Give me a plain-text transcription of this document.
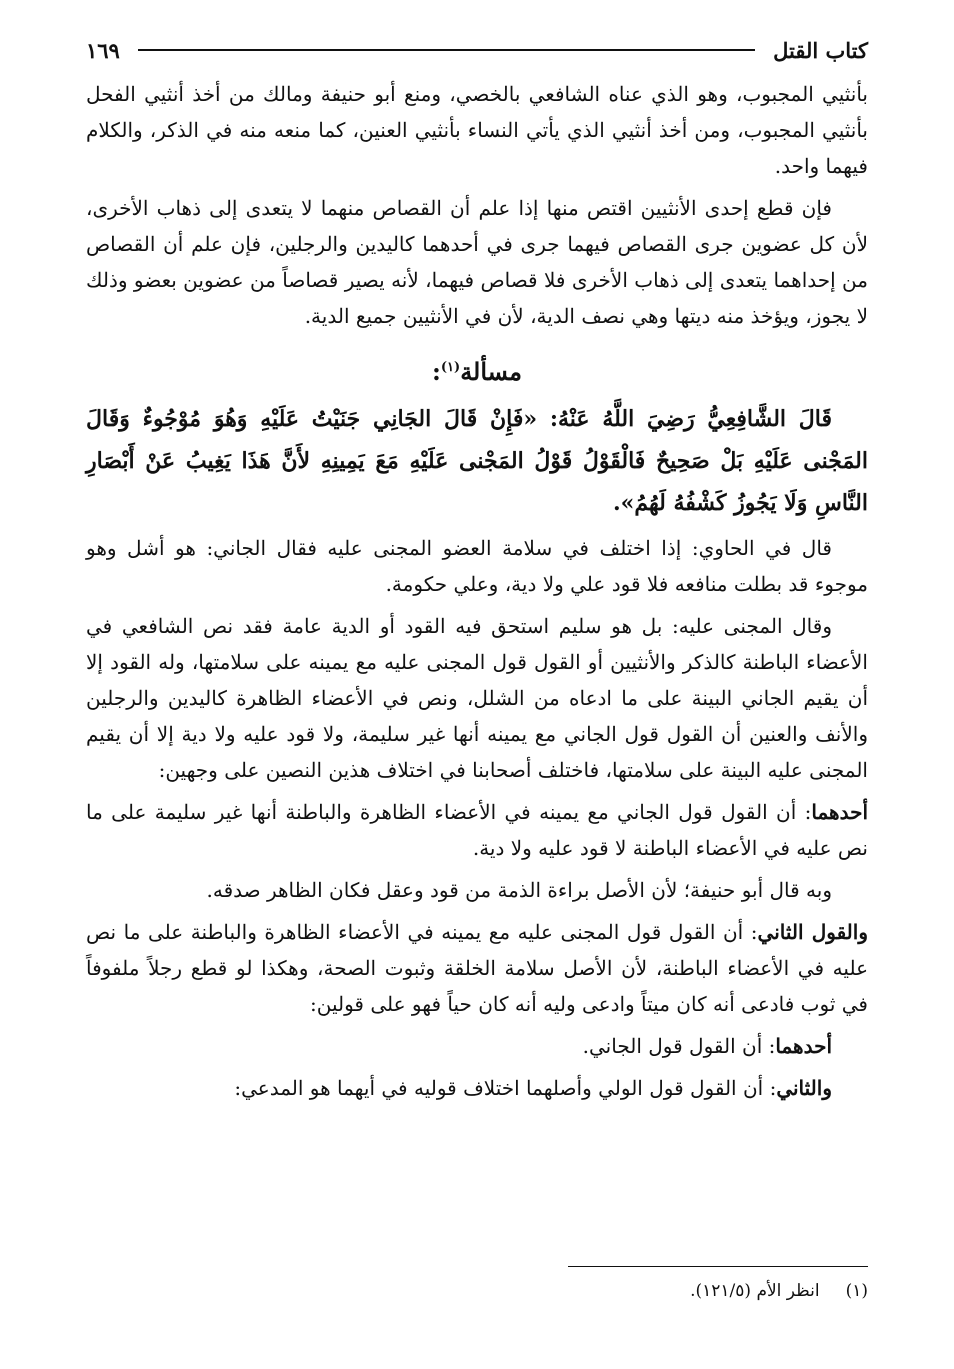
كتاب القتل
١٦٩

بأنثيي المجبوب، وهو الذي عناه الشافعي بالخصي، ومنع أبو حنيفة ومالك من أخذ أنثيي الفحل بأنثيي المجبوب، ومن أخذ أنثيي الذي يأتي النساء بأنثيي العنين، كما منعه منه في الذكر، والكلام فيهما واحد.

فإن قطع إحدى الأنثيين اقتص منها إذا علم أن القصاص منهما لا يتعدى إلى ذهاب الأخرى، لأن كل عضوين جرى القصاص فيهما جرى في أحدهما كاليدين والرجلين، فإن علم أن القصاص من إحداهما يتعدى إلى ذهاب الأخرى فلا قصاص فيهما، لأنه يصير قصاصاً من عضوين بعضو وذلك لا يجوز، ويؤخذ منه ديتها وهي نصف الدية، لأن في الأنثيين جميع الدية.

مسألة$^{(١)}$:
قَالَ الشَّافِعِيُّ رَضِيَ اللَّهُ عَنْهُ: «فَإِنْ قَالَ الجَانِي جَنَيْتُ عَلَيْهِ وَهُوَ مُوْجُوءٌ وَقَالَ المَجْنى عَلَيْهِ بَلْ صَحِيحٌ فَالْقَوْلُ قَوْلُ المَجْنى عَلَيْهِ مَعَ يَمِينِهِ لأَنَّ هَذَا يَغِيبُ عَنْ أَبْصَارِ النَّاسِ وَلَا يَجُوزُ كَشْفُهُ لَهُمُ».

قال في الحاوي: إذا اختلف في سلامة العضو المجنى عليه فقال الجاني: هو أشل وهو موجوء قد بطلت منافعه فلا قود علي ولا دية، وعلي حكومة.

وقال المجنى عليه: بل هو سليم استحق فيه القود أو الدية عامة فقد نص الشافعي في الأعضاء الباطنة كالذكر والأنثيين أو القول قول المجنى عليه مع يمينه على سلامتها، وله القود إلا أن يقيم الجاني البينة على ما ادعاه من الشلل، ونص في الأعضاء الظاهرة كاليدين والرجلين والأنف والعنين أن القول قول الجاني مع يمينه أنها غير سليمة، ولا قود عليه ولا دية إلا أن يقيم المجنى عليه البينة على سلامتها، فاختلف أصحابنا في اختلاف هذين النصين على وجهين:

أحدهما: أن القول قول الجاني مع يمينه في الأعضاء الظاهرة والباطنة أنها غير سليمة على ما نص عليه في الأعضاء الباطنة لا قود عليه ولا دية.

وبه قال أبو حنيفة؛ لأن الأصل براءة الذمة من قود وعقل فكان الظاهر صدقه.

والقول الثاني: أن القول قول المجنى عليه مع يمينه في الأعضاء الظاهرة والباطنة على ما نص عليه في الأعضاء الباطنة، لأن الأصل سلامة الخلقة وثبوت الصحة، وهكذا لو قطع رجلاً ملفوفاً في ثوب فادعى أنه كان ميتاً وادعى وليه أنه كان حياً فهو على قولين:

أحدهما: أن القول قول الجاني.

والثاني: أن القول قول الولي وأصلهما اختلاف قوليه في أيهما هو المدعي:

(١)
انظر الأم (١٢١/٥).
